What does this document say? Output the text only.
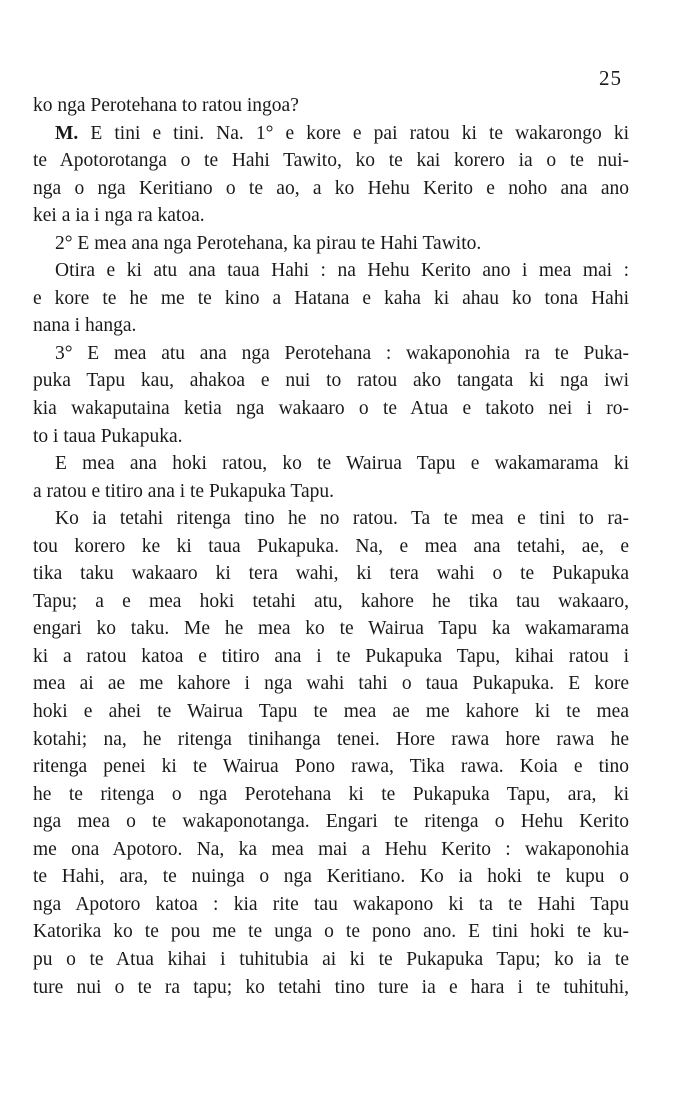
25
ko nga Perotehana to ratou ingoa?
M. E tini e tini. Na. 1° e kore e pai ratou ki te wakarongo ki
te Apotorotanga o te Hahi Tawito, ko te kai korero ia o te nui-
nga o nga Keritiano o te ao, a ko Hehu Kerito e noho ana ano
kei a ia i nga ra katoa.
2° E mea ana nga Perotehana, ka pirau te Hahi Tawito.
Otira e ki atu ana taua Hahi : na Hehu Kerito ano i mea mai :
e kore te he me te kino a Hatana e kaha ki ahau ko tona Hahi
nana i hanga.
3° E mea atu ana nga Perotehana : wakaponohia ra te Puka-
puka Tapu kau, ahakoa e nui to ratou ako tangata ki nga iwi
kia wakaputaina ketia nga wakaaro o te Atua e takoto nei i ro-
to i taua Pukapuka.
E mea ana hoki ratou, ko te Wairua Tapu e wakamarama ki
a ratou e titiro ana i te Pukapuka Tapu.
Ko ia tetahi ritenga tino he no ratou. Ta te mea e tini to ra-
tou korero ke ki taua Pukapuka. Na, e mea ana tetahi, ae, e
tika taku wakaaro ki tera wahi, ki tera wahi o te Pukapuka
Tapu; a e mea hoki tetahi atu, kahore he tika tau wakaaro,
engari ko taku. Me he mea ko te Wairua Tapu ka wakamarama
ki a ratou katoa e titiro ana i te Pukapuka Tapu, kihai ratou i
mea ai ae me kahore i nga wahi tahi o taua Pukapuka. E kore
hoki e ahei te Wairua Tapu te mea ae me kahore ki te mea
kotahi; na, he ritenga tinihanga tenei. Hore rawa hore rawa he
ritenga penei ki te Wairua Pono rawa, Tika rawa. Koia e tino
he te ritenga o nga Perotehana ki te Pukapuka Tapu, ara, ki
nga mea o te wakaponotanga. Engari te ritenga o Hehu Kerito
me ona Apotoro. Na, ka mea mai a Hehu Kerito : wakaponohia
te Hahi, ara, te nuinga o nga Keritiano. Ko ia hoki te kupu o
nga Apotoro katoa : kia rite tau wakapono ki ta te Hahi Tapu
Katorika ko te pou me te unga o te pono ano. E tini hoki te ku-
pu o te Atua kihai i tuhitubia ai ki te Pukapuka Tapu; ko ia te
ture nui o te ra tapu; ko tetahi tino ture ia e hara i te tuhituhi,
